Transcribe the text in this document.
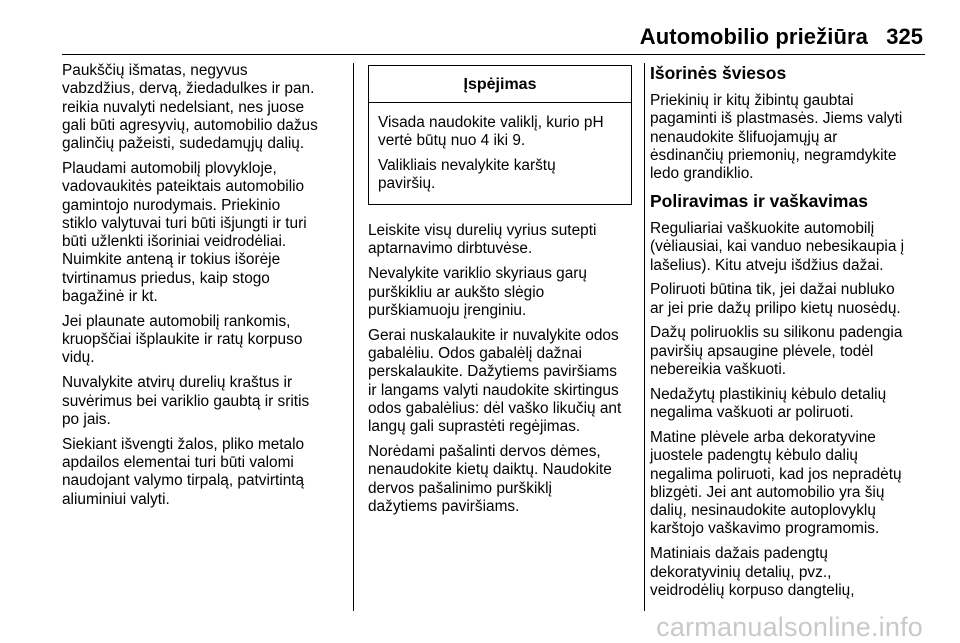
Automobilio priežiūra 325

Paukščių išmatas, negyvus
vabzdžius, dervą, žiedadulkes ir pan.
reikia nuvalyti nedelsiant, nes juose
gali būti agresyvių, automobilio dažus
galinčių pažeisti, sudedamųjų dalių.

Plaudami automobilį plovykloje,
vadovaukitės pateiktais automobilio
gamintojo nurodymais. Priekinio
stiklo valytuvai turi būti išjungti ir turi
būti užlenkti išoriniai veidrodėliai.
Nuimkite anteną ir tokius išorėje
tvirtinamus priedus, kaip stogo
bagažinė ir kt.

Jei plaunate automobilį rankomis,
kruopščiai išplaukite ir ratų korpuso
vidų.

Nuvalykite atvirų durelių kraštus ir
suvėrimus bei variklio gaubtą ir sritis
po jais.

Siekiant išvengti žalos, pliko metalo
apdailos elementai turi būti valomi
naudojant valymo tirpalą, patvirtintą
aliuminiui valyti.

Įspėjimas

Visada naudokite valiklį, kurio pH
vertė būtų nuo 4 iki 9.

Valikliais nevalykite karštų
paviršių.

Leiskite visų durelių vyrius sutepti
aptarnavimo dirbtuvėse.

Nevalykite variklio skyriaus garų
purškikliu ar aukšto slėgio
purškiamuoju įrenginiu.

Gerai nuskalaukite ir nuvalykite odos
gabalėliu. Odos gabalėlį dažnai
perskalaukite. Dažytiems paviršiams
ir langams valyti naudokite skirtingus
odos gabalėlius: dėl vaško likučių ant
langų gali suprastėti regėjimas.

Norėdami pašalinti dervos dėmes,
nenaudokite kietų daiktų. Naudokite
dervos pašalinimo purškiklį
dažytiems paviršiams.

Išorinės šviesos

Priekinių ir kitų žibintų gaubtai
pagaminti iš plastmasės. Jiems valyti
nenaudokite šlifuojamųjų ar
ėsdinančių priemonių, negramdykite
ledo grandiklio.

Poliravimas ir vaškavimas

Reguliariai vaškuokite automobilį
(vėliausiai, kai vanduo nebesikaupia į
lašelius). Kitu atveju išdžius dažai.

Poliruoti būtina tik, jei dažai nubluko
ar jei prie dažų prilipo kietų nuosėdų.

Dažų poliruoklis su silikonu padengia
paviršių apsaugine plėvele, todėl
nebereikia vaškuoti.

Nedažytų plastikinių kėbulo detalių
negalima vaškuoti ar poliruoti.

Matine plėvele arba dekoratyvine
juostele padengtų kėbulo dalių
negalima poliruoti, kad jos nepradėtų
blizgėti. Jei ant automobilio yra šių
dalių, nesinaudokite autoplovyklų
karštojo vaškavimo programomis.

Matiniais dažais padengtų
dekoratyvinių detalių, pvz.,
veidrodėlių korpuso dangtelių,

carmanualsonline.info
